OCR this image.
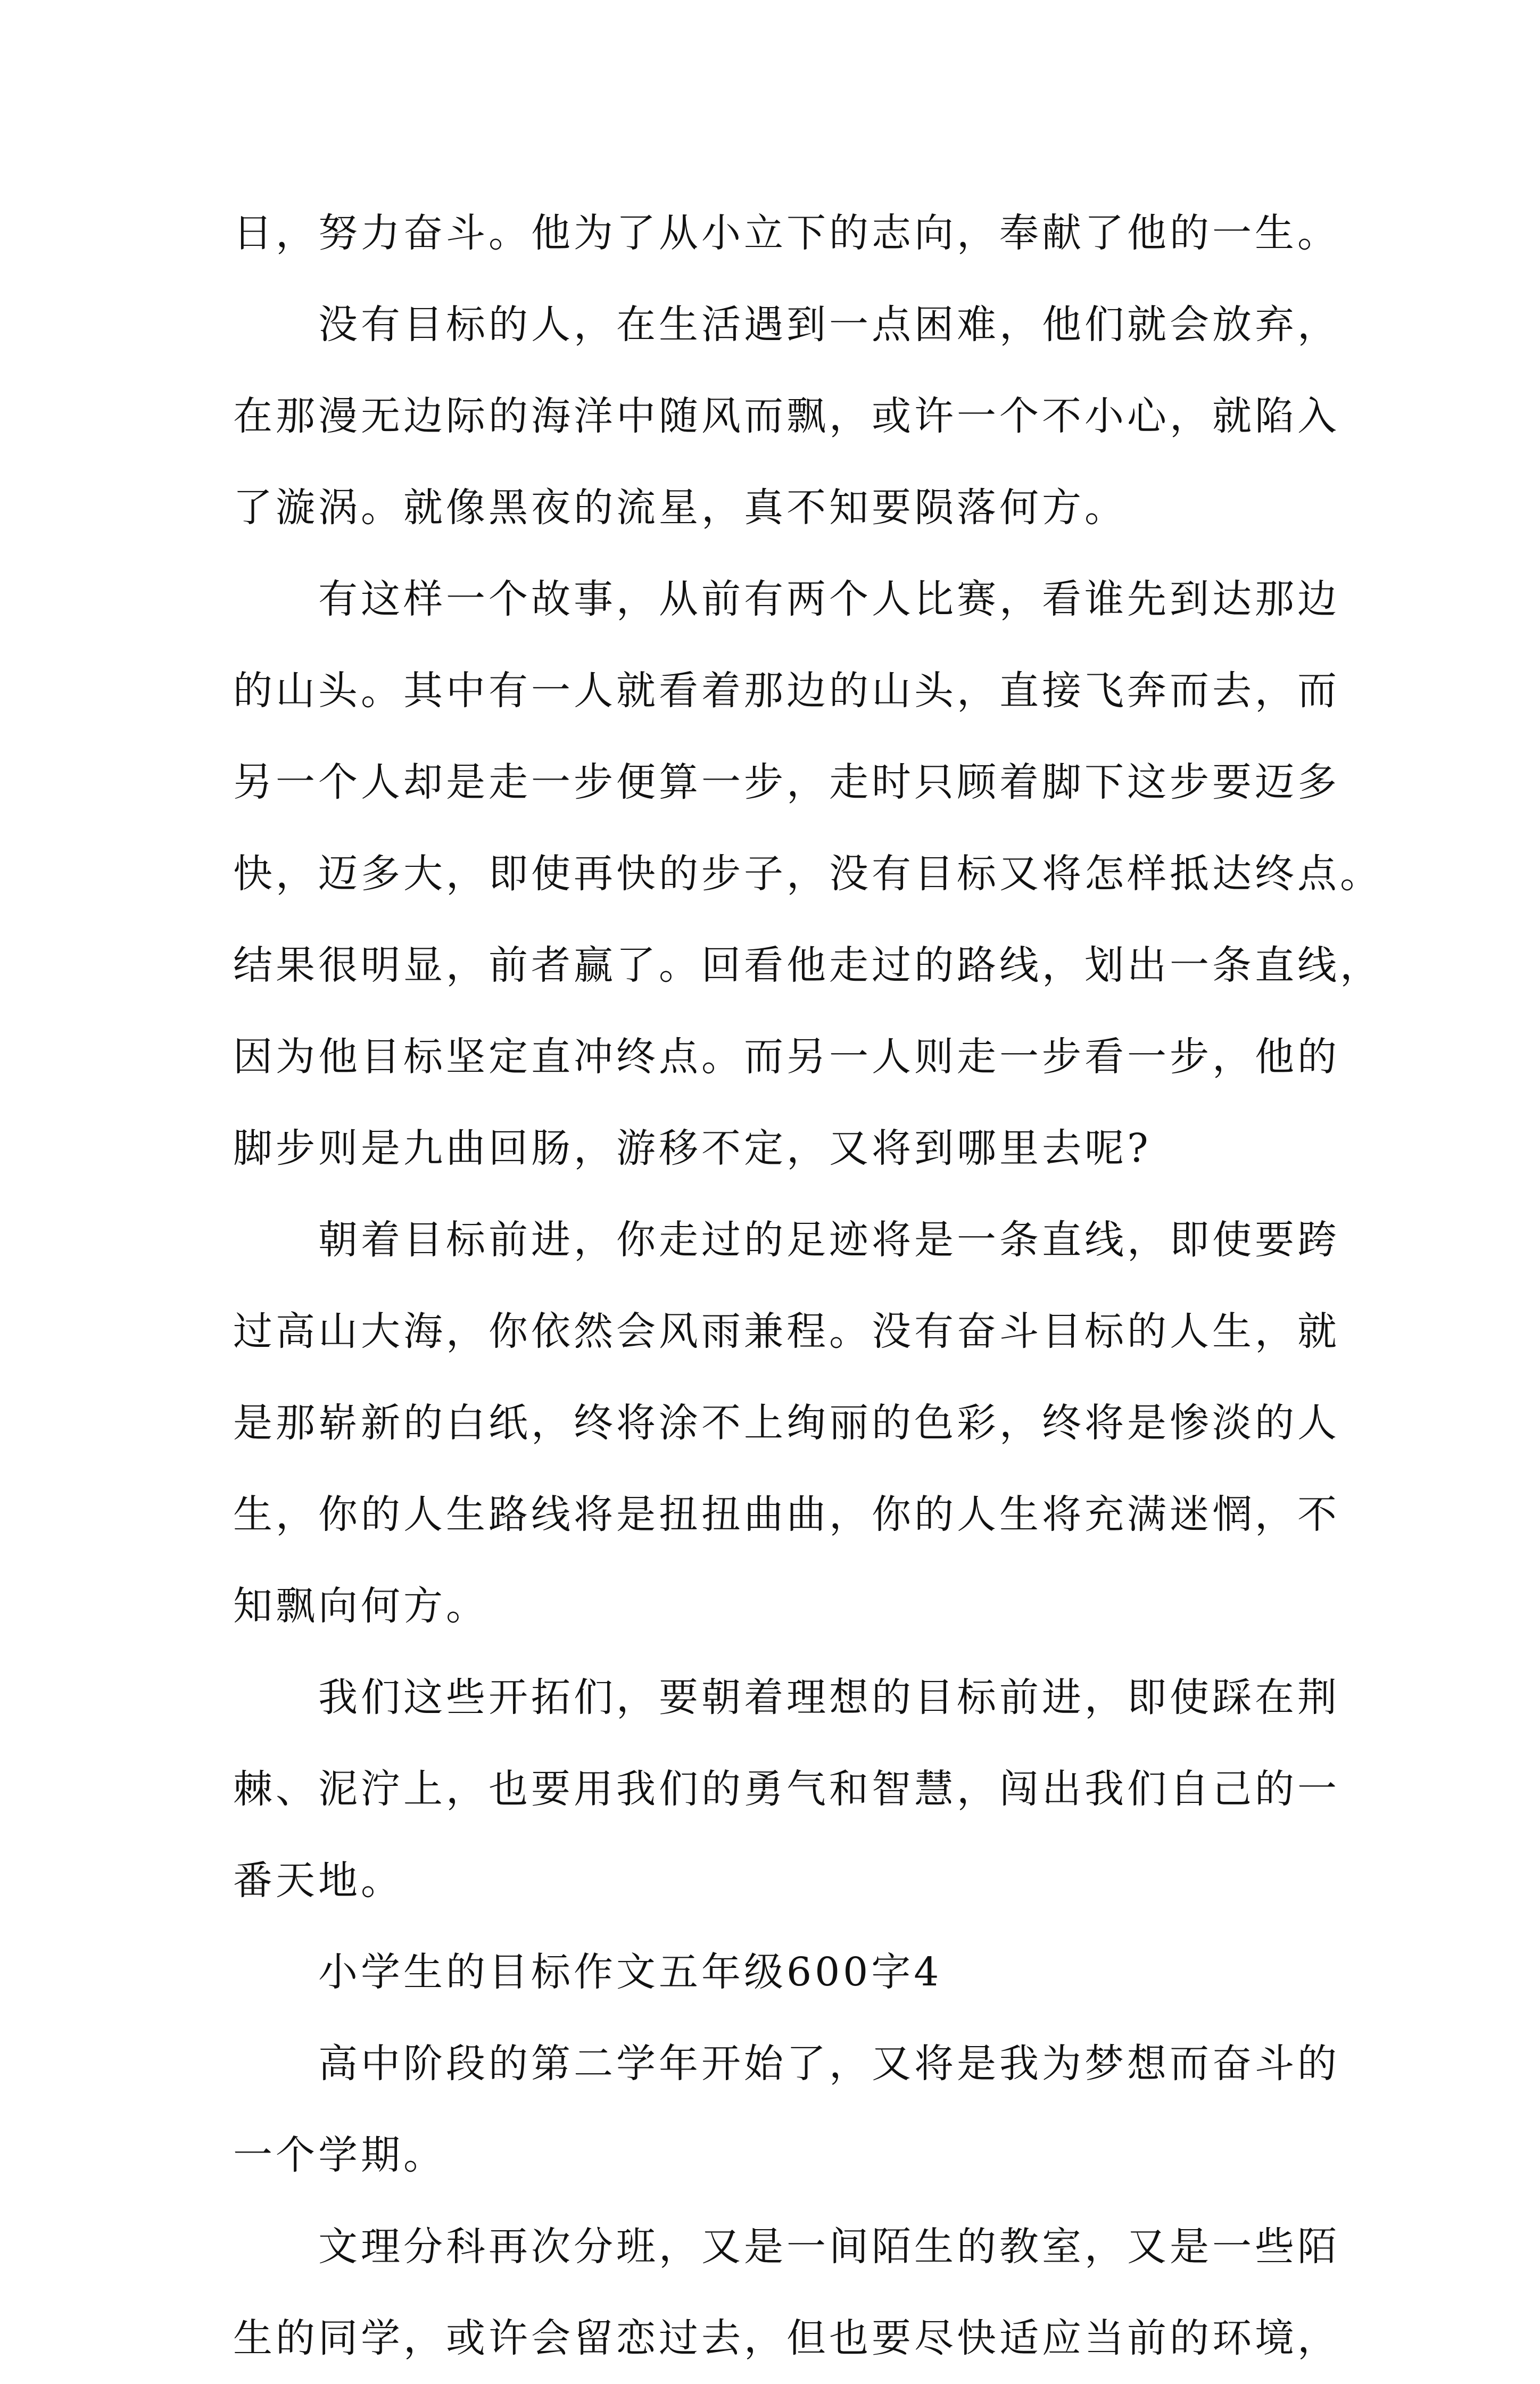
日，努力奋斗。他为了从小立下的志向，奉献了他的一生。
没有目标的人，在生活遇到一点困难，他们就会放弃，
在那漫无边际的海洋中随风而飘，或许一个不小心，就陷入
了漩涡。就像黑夜的流星，真不知要陨落何方。
有这样一个故事，从前有两个人比赛，看谁先到达那边
的山头。其中有一人就看着那边的山头，直接飞奔而去，而
另一个人却是走一步便算一步，走时只顾着脚下这步要迈多
快，迈多大，即使再快的步子，没有目标又将怎样抵达终点。
结果很明显，前者赢了。回看他走过的路线，划出一条直线，
因为他目标坚定直冲终点。而另一人则走一步看一步，他的
脚步则是九曲回肠，游移不定，又将到哪里去呢?
朝着目标前进，你走过的足迹将是一条直线，即使要跨
过高山大海，你依然会风雨兼程。没有奋斗目标的人生，就
是那崭新的白纸，终将涂不上绚丽的色彩，终将是惨淡的人
生，你的人生路线将是扭扭曲曲，你的人生将充满迷惘，不
知飘向何方。
我们这些开拓们，要朝着理想的目标前进，即使踩在荆
棘、泥泞上，也要用我们的勇气和智慧，闯出我们自己的一
番天地。
小学生的目标作文五年级600字4
高中阶段的第二学年开始了，又将是我为梦想而奋斗的
一个学期。
文理分科再次分班，又是一间陌生的教室，又是一些陌
生的同学，或许会留恋过去，但也要尽快适应当前的环境，
